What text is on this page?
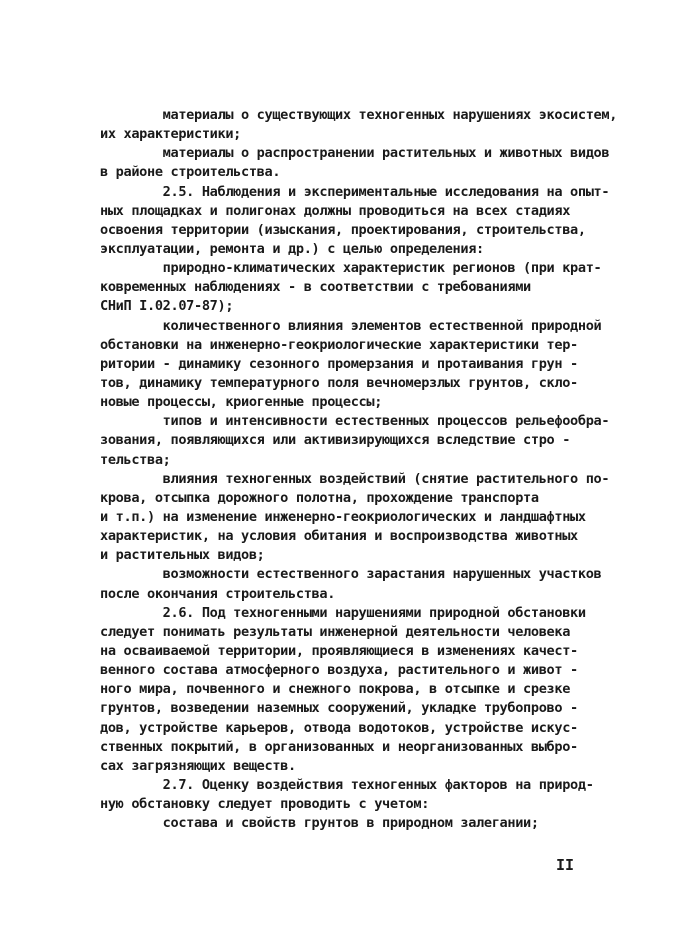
материалы о существующих техногенных нарушениях экосистем,
их характеристики;
материалы о распространении растительных и животных видов
в районе строительства.
2.5. Наблюдения и экспериментальные исследования на опыт-
ных площадках и полигонах должны проводиться на всех стадиях
освоения территории (изыскания, проектирования, строительства,
эксплуатации, ремонта и др.) с целью определения:
природно-климатических характеристик регионов (при крат-
ковременных наблюдениях - в соответствии с требованиями
СНиП I.02.07-87);
количественного влияния элементов естественной природной
обстановки на инженерно-геокриологические характеристики тер-
ритории - динамику сезонного промерзания и протаивания грун -
тов, динамику температурного поля вечномерзлых грунтов, скло-
новые процессы, криогенные процессы;
типов и интенсивности естественных процессов рельефообра-
зования, появляющихся или активизирующихся вследствие стро -
тельства;
влияния техногенных воздействий (снятие растительного по-
крова, отсыпка дорожного полотна, прохождение транспорта
и т.п.) на изменение инженерно-геокриологических и ландшафтных
характеристик, на условия обитания и воспроизводства животных
и растительных видов;
возможности естественного зарастания нарушенных участков
после окончания строительства.
2.6. Под техногенными нарушениями природной обстановки
следует понимать результаты инженерной деятельности человека
на осваиваемой территории, проявляющиеся в изменениях качест-
венного состава атмосферного воздуха, растительного и живот -
ного мира, почвенного и снежного покрова, в отсыпке и срезке
грунтов, возведении наземных сооружений, укладке трубопрово -
дов, устройстве карьеров, отвода водотоков, устройстве искус-
ственных покрытий, в организованных и неорганизованных выбро-
сах загрязняющих веществ.
2.7. Оценку воздействия техногенных факторов на природ-
ную обстановку следует проводить с учетом:
состава и свойств грунтов в природном залегании;
II
